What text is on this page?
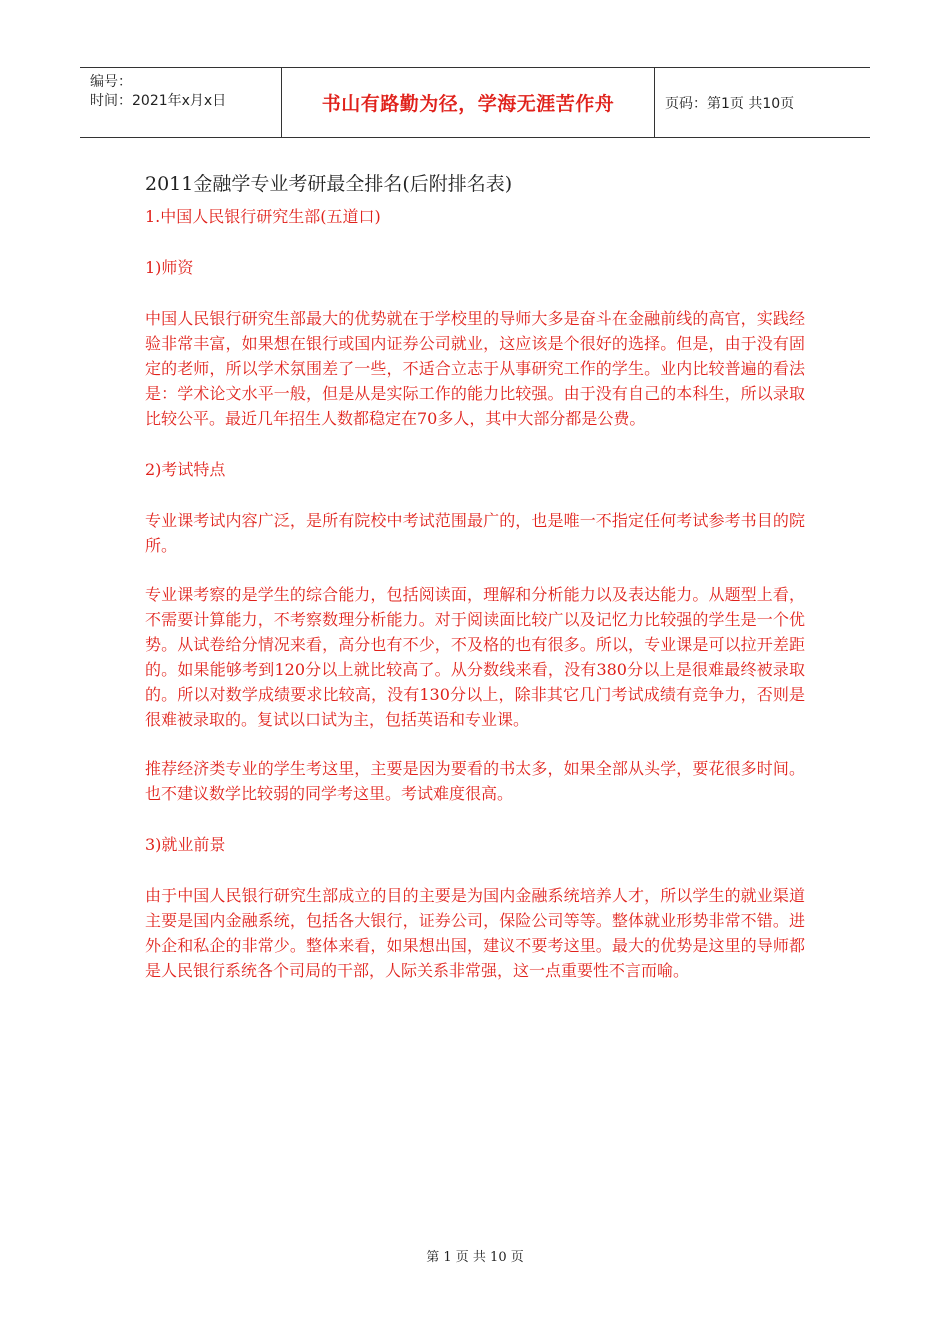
编号：
时间：2021年x月x日	书山有路勤为径，学海无涯苦作舟	页码：第1页 共10页
2011金融学专业考研最全排名(后附排名表)

1.中国人民银行研究生部(五道口)

1)师资

中国人民银行研究生部最大的优势就在于学校里的导师大多是奋斗在金融前线的高官，实践经验非常丰富，如果想在银行或国内证券公司就业，这应该是个很好的选择。但是，由于没有固定的老师，所以学术氛围差了一些，不适合立志于从事研究工作的学生。业内比较普遍的看法是：学术论文水平一般，但是从是实际工作的能力比较强。由于没有自己的本科生，所以录取比较公平。最近几年招生人数都稳定在70多人，其中大部分都是公费。

2)考试特点

专业课考试内容广泛，是所有院校中考试范围最广的，也是唯一不指定任何考试参考书目的院所。

专业课考察的是学生的综合能力，包括阅读面，理解和分析能力以及表达能力。从题型上看，不需要计算能力，不考察数理分析能力。对于阅读面比较广以及记忆力比较强的学生是一个优势。从试卷给分情况来看，高分也有不少，不及格的也有很多。所以，专业课是可以拉开差距的。如果能够考到120分以上就比较高了。从分数线来看，没有380分以上是很难最终被录取的。所以对数学成绩要求比较高，没有130分以上，除非其它几门考试成绩有竞争力，否则是很难被录取的。复试以口试为主，包括英语和专业课。

推荐经济类专业的学生考这里，主要是因为要看的书太多，如果全部从头学，要花很多时间。也不建议数学比较弱的同学考这里。考试难度很高。

3)就业前景

由于中国人民银行研究生部成立的目的主要是为国内金融系统培养人才，所以学生的就业渠道主要是国内金融系统，包括各大银行，证券公司，保险公司等等。整体就业形势非常不错。进外企和私企的非常少。整体来看，如果想出国，建议不要考这里。最大的优势是这里的导师都是人民银行系统各个司局的干部，人际关系非常强，这一点重要性不言而喻。

第 1 页 共 10 页
